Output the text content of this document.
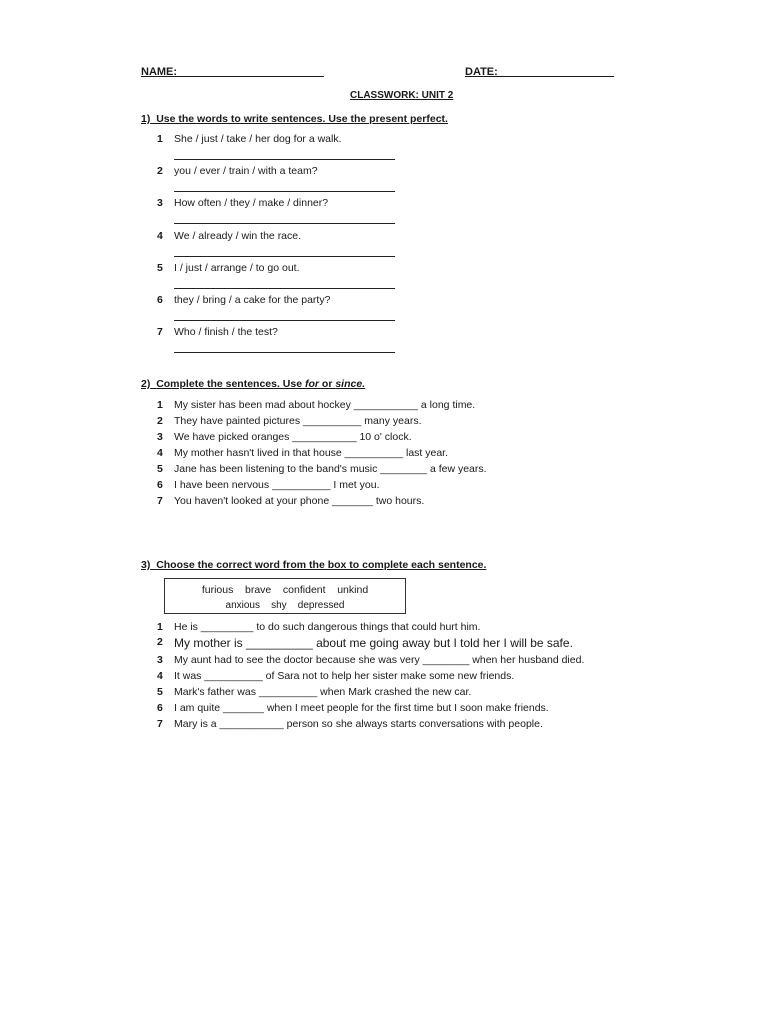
NAME:________________________	DATE:___________________
CLASSWORK: UNIT 2
1) Use the words to write sentences. Use the present perfect.
1 She / just / take / her dog for a walk.
2 you / ever / train / with a team?
3 How often / they / make / dinner?
4 We / already / win the race.
5 I / just / arrange / to go out.
6 they / bring / a cake for the party?
7 Who / finish / the test?
2) Complete the sentences. Use for or since.
1 My sister has been mad about hockey ___________ a long time.
2 They have painted pictures __________ many years.
3 We have picked oranges ___________ 10 o' clock.
4 My mother hasn't lived in that house __________ last year.
5 Jane has been listening to the band's music ________ a few years.
6 I have been nervous __________ I met you.
7 You haven't looked at your phone _______ two hours.
3) Choose the correct word from the box to complete each sentence.
furious    brave    confident    unkind
anxious    shy    depressed
1 He is _________ to do such dangerous things that could hurt him.
2 My mother is __________ about me going away but I told her I will be safe.
3 My aunt had to see the doctor because she was very ________ when her husband died.
4 It was __________ of Sara not to help her sister make some new friends.
5 Mark's father was __________ when Mark crashed the new car.
6 I am quite _______ when I meet people for the first time but I soon make friends.
7 Mary is a ___________ person so she always starts conversations with people.
